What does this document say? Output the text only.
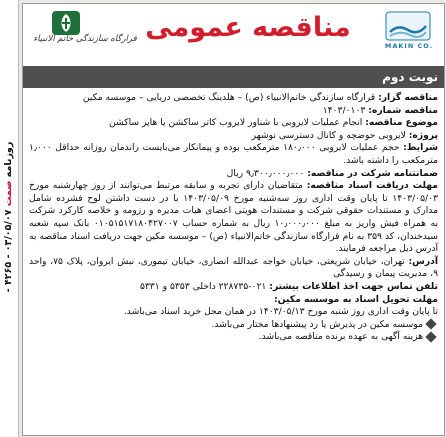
روزنامه صمت ۰۳/۰۵/۰۷ - ۴۲۶۵ -
قرارگاه سازندگی خاتم الانبیاء مناقصه عمومی
MAKIN CO.
نوبت دوم

مناقصه گزار: قرارگاه سازندگی خاتم‌الانبیاء (ص) – هلدینگ تخصصی دریایی – موسسه مکین

مناقصه شماره: ۱۴۰۳/۰۱۰۳

موضوع مناقصه: انجام عملیات لایروبی با شناور لایروب کاتر ساکشن یا هاپر ساکشن

پروژه: لایروبی حوضچه و کانال دسترسی نوشهر

شرایط: حجم عملیات لایروبی ۱۸۰٫۰۰۰ مترمکعب بوده و پیمانکار می‌بایست راندمان روزانه حداقل ۱٫۰۰۰ مترمکعب را داشته باشد.

ضمانتنامه شرکت در مناقصه: ۹٫۳۰۰٫۰۰۰٫۰۰۰ ریال

مهلت دریافت اسناد مناقصه: متقاضیان دارای تجربه و سابقه مرتبط می‌توانند از روز چهارشنبه مورخ ۱۴۰۳/۰۵/۰۳ تا پایان وقت اداری روز سه‌شنبه مورخ ۱۴۰۳/۰۵/۰۹ با در دست داشتن لوح فشرده شامل مدارک و مستندات حقوقی شرکت و مستندات هویتی اعضای هیات مدیره و رزومه و خلاصه کارکرد شرکت به همراه فیش واریز به مبلغ ۱۰٫۰۰۰٫۰۰۰ ریال به شماره حساب ۰۱۰۵۱۵۱۷۱۸۰۴۲۷۰۰۷ بانک سپه شعبه سیدخندان، کد ۳۵۹ به نام قرارگاه سازندگی خاتم‌الانبیاء (ص) – موسسه مکین جهت دریافت اسناد مناقصه به آدرس ذیل مراجعه فرمایند.

آدرس: تهران، خیابان شریعتی، خیابان خواجه عبدالله انصاری، خیابان تیموری، نبش ایروان، پلاک ۷۵، واحد ۹، مدیریت پیمان و رسیدگی

تلفن تماس جهت اخذ اطلاعات بیشتر: ۰۲۱-۲۲۸۷۳۵ داخلی ۵۳۵۳ و ۵۳۳۱

مهلت تحویل اسناد به موسسه مکین:

تا پایان وقت اداری روز شنبه مورخ ۱۴۰۳/۰۵/۱۳ در همان محل خرید اسناد می‌باشد.

موسسه مکین در پذیرش یا رد پیشنهادها مختار می‌باشد.

هزینه آگهی به عهده برنده مناقصه می‌باشد.
